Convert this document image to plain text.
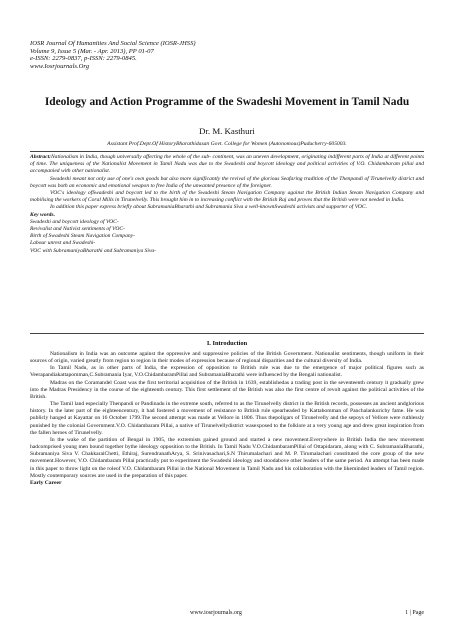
IOSR Journal Of Humanities And Social Science (IOSR-JHSS)
Volume 9, Issue 5 (Mar. - Apr. 2013), PP 01-07
e-ISSN: 2279-0837, p-ISSN: 2279-0845.
www.Iosrjournals.Org
Ideology and Action Programme of the Swadeshi Movement in Tamil Nadu
Dr. M. Kasthuri
Assistant Prof.Dept.Of HistoryBharathidasan Govt. College for Women (Autonomous)Puducherry-605003.

Abstract:Nationalism in India, though universally affecting the whole of the sub- continent, was an uneven development, originating indifferent parts of India at different points of time. The uniqueness of the Nationalist Movement in Tamil Nadu was due to the Swadeshi and boycott ideology and political activities of V.O. Chidambaram pillai and accompanied with other nationalist.

Swadeshi meant not only use of one's own goods but also more significantly the revival of the glorious Seafaring tradition of the Thenpandi of Tirunelvelly district and boycott was both an economic and emotional weapon to free India of the unwanted presence of the foreigner.

VOC's ideology ofSwadeshi and boycott led to the birth of the Swadeshi Steam Navigation Company against the British Indian Steam Navigation Company and mobilising the workers of Coral Mills in Tirunelvelly. This brought him in to increasing conflict with the British Raj and proves that the British were not needed in India.

In addition this paper express briefly about SubramaniaBharathi and Subramania Siva a well-knownSwadeshi activists and supporter of VOC.

Key words.

Swadeshi and boycott ideology of VOC-
Revivalist and Nativist sentiments of VOC-
Birth of Swadeshi Steam Navigation Company-
Labour unrest and Swadeshi-
VOC with SubramaniyaBharathi and Subramaniya Siva-
I. Introduction

Nationalism in India was an outcome against the oppressive and suppressive policies of the British Government. Nationalist sentiments, though uniform in their sources of origin, varied greatly from region to region in their modes of expression because of regional disparities and the cultural diversity of India.

In Tamil Nadu, as in other parts of India, the expression of opposition to British rule was due to the emergence of major political figures such as Veerapandiakattapomman,C.Subramania Iyar, V.O.ChidambaramPillai and SubramaniaBharathi were influenced by the Bengali nationalist.

Madras on the Coramandel Coast was the first territorial acquisition of the British in 1639, establishedas a trading post in the seventeenth century it gradually grew into the Madras Presidency in the course of the eighteenth century. This first settlement of the British was also the first centre of revolt against the political activities of the British.

The Tamil land especially Thenpandi or Pandinadu in the extreme south, referred to as the Tirunelvelly district in the British records, possesses an ancient andglorious history. In the later part of the eighteencentury, it had fostered a movement of resistance to British rule spearheaded by Kattabomman of Panchalankurichy fame. He was publicly hanged at Kayattar on 16 October 1799.The second attempt was made at Vellore in 1806. Thus thepoligars of Tirunelvelly and the sepoys of Vellore were ruthlessly punished by the colonial Government.V.O. Chidambaram Pillai, a native of Tirunelvellydistrict wasexposed to the folklore at a very young age and drew great inspiration from the fallen heroes of Tirunelvelly.

In the wake of the partition of Bengal in 1905, the extremists gained ground and started a new movement.Everywhere in British India the new movement hadcomprised young men bound together bythe ideology opposition to the British. In Tamil Nadu V.O.ChidambaramPillai of Ottapidaram, along with C. SubramaniaBharathi, Subramaniya Siva V. ChakkaraiChetti, Ethiraj, SurendranathArya, S. Srinivasachari,S.N Thirumalachari and M. P. Tirumalachari constituted the core group of the new movement.However, V.O. Chidambaram Pillai practically put to experiment the Swadeshi ideology and stoodabove other leaders of the same period. An attempt has been made in this paper to throw light on the roleof V.O. Chidambaram Pillai in the National Movement in Tamil Nadu and his collaboration with the likeminded leaders of Tamil region. Mostly contemporary sources are used in the preparation of this paper.

Early Career

www.iosrjournals.org	1 | Page
